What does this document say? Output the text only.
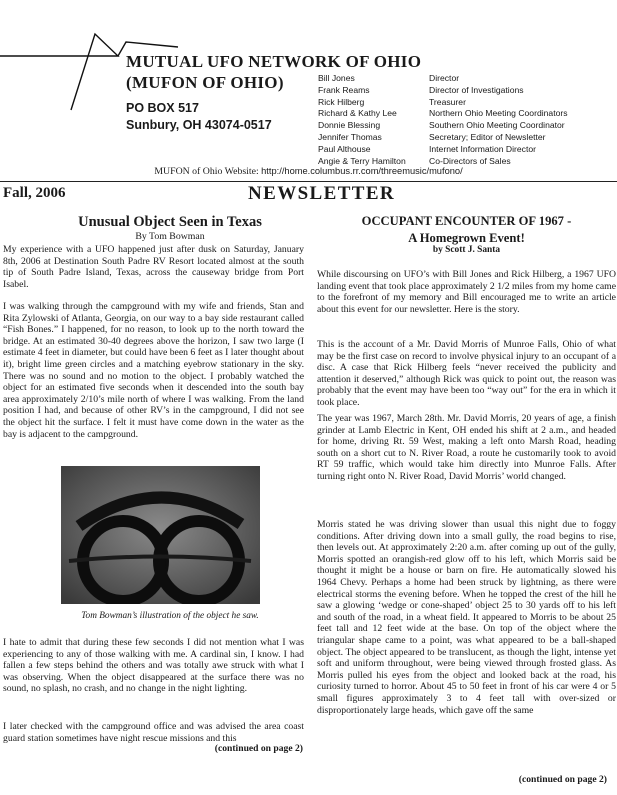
MUTUAL UFO NETWORK OF OHIO
(MUFON OF OHIO)
PO BOX 517
Sunbury, OH 43074-0517
Bill Jones
Frank Reams
Rick Hilberg
Richard & Kathy Lee
Donnie Blessing
Jennifer Thomas
Paul Althouse
Angie & Terry Hamilton
Director
Director of Investigations
Treasurer
Northern Ohio Meeting Coordinators
Southern Ohio Meeting Coordinator
Secretary; Editor of Newsletter
Internet Information Director
Co-Directors of Sales
MUFON of Ohio Website: http://home.columbus.rr.com/threemusic/mufono/
Fall, 2006	NEWSLETTER
Unusual Object Seen in Texas
By Tom Bowman
My experience with a UFO happened just after dusk on Saturday, January 8th, 2006 at Destination South Padre RV Resort located almost at the south tip of South Padre Island, Texas, across the causeway bridge from Port Isabel.
I was walking through the campground with my wife and friends, Stan and Rita Zylowski of Atlanta, Georgia, on our way to a bay side restaurant called “Fish Bones.” I happened, for no reason, to look up to the north toward the bridge. At an estimated 30-40 degrees above the horizon, I saw two large (I estimate 4 feet in diameter, but could have been 6 feet as I later thought about it), bright lime green circles and a matching eyebrow stationary in the sky. There was no sound and no motion to the object. I probably watched the object for an estimated five seconds when it descended into the south bay area approximately 2/10’s mile north of where I was walking. From the land position I had, and because of other RV’s in the campground, I did not see the object hit the surface. I felt it must have come down in the water as the bay is adjacent to the campground.
Tom Bowman’s illustration of the object he saw.
I hate to admit that during these few seconds I did not mention what I was experiencing to any of those walking with me. A cardinal sin, I know. I had fallen a few steps behind the others and was totally awe struck with what I was observing. When the object disappeared at the surface there was no sound, no splash, no crash, and no change in the night lighting.
I later checked with the campground office and was advised the area coast guard station sometimes have night rescue missions and this
(continued on page 2)
OCCUPANT ENCOUNTER OF 1967 -
A Homegrown Event!
by Scott J. Santa
While discoursing on UFO’s with Bill Jones and Rick Hilberg, a 1967 UFO landing event that took place approximately 2 1/2 miles from my home came to the forefront of my memory and Bill encouraged me to write an article about this event for our newsletter. Here is the story.
This is the account of a Mr. David Morris of Munroe Falls, Ohio of what may be the first case on record to involve physical injury to an occupant of a disc. A case that Rick Hilberg feels “never received the publicity and attention it deserved,” although Rick was quick to point out, the reason was probably that the event may have been too “way out” for the era in which it took place.
The year was 1967, March 28th. Mr. David Morris, 20 years of age, a finish grinder at Lamb Electric in Kent, OH ended his shift at 2 a.m., and headed for home, driving Rt. 59 West, making a left onto Marsh Road, heading south on a short cut to N. River Road, a route he customarily took to avoid RT 59 traffic, which would take him directly into Munroe Falls. After turning right onto N. River Road, David Morris’ world changed.
Morris stated he was driving slower than usual this night due to foggy conditions. After driving down into a small gully, the road begins to rise, then levels out. At approximately 2:20 a.m. after coming up out of the gully, Morris spotted an orangish-red glow off to his left, which Morris said be thought it might be a house or barn on fire. He automatically slowed his 1964 Chevy. Perhaps a home had been struck by lightning, as there were electrical storms the evening before. When he topped the crest of the hill he saw a glowing ‘wedge or cone-shaped’ object 25 to 30 yards off to his left and south of the road, in a wheat field. It appeared to Morris to be about 25 feet tall and 12 feet wide at the base. On top of the object where the triangular shape came to a point, was what appeared to be a ball-shaped object. The object appeared to be translucent, as though the light, intense yet soft and uniform throughout, were being viewed through frosted glass. As Morris pulled his eyes from the object and looked back at the road, his curiosity turned to horror. About 45 to 50 feet in front of his car were 4 or 5 small figures approximately 3 to 4 feet tall with over-sized or disproportionately large heads, which gave off the same
(continued on page 2)
